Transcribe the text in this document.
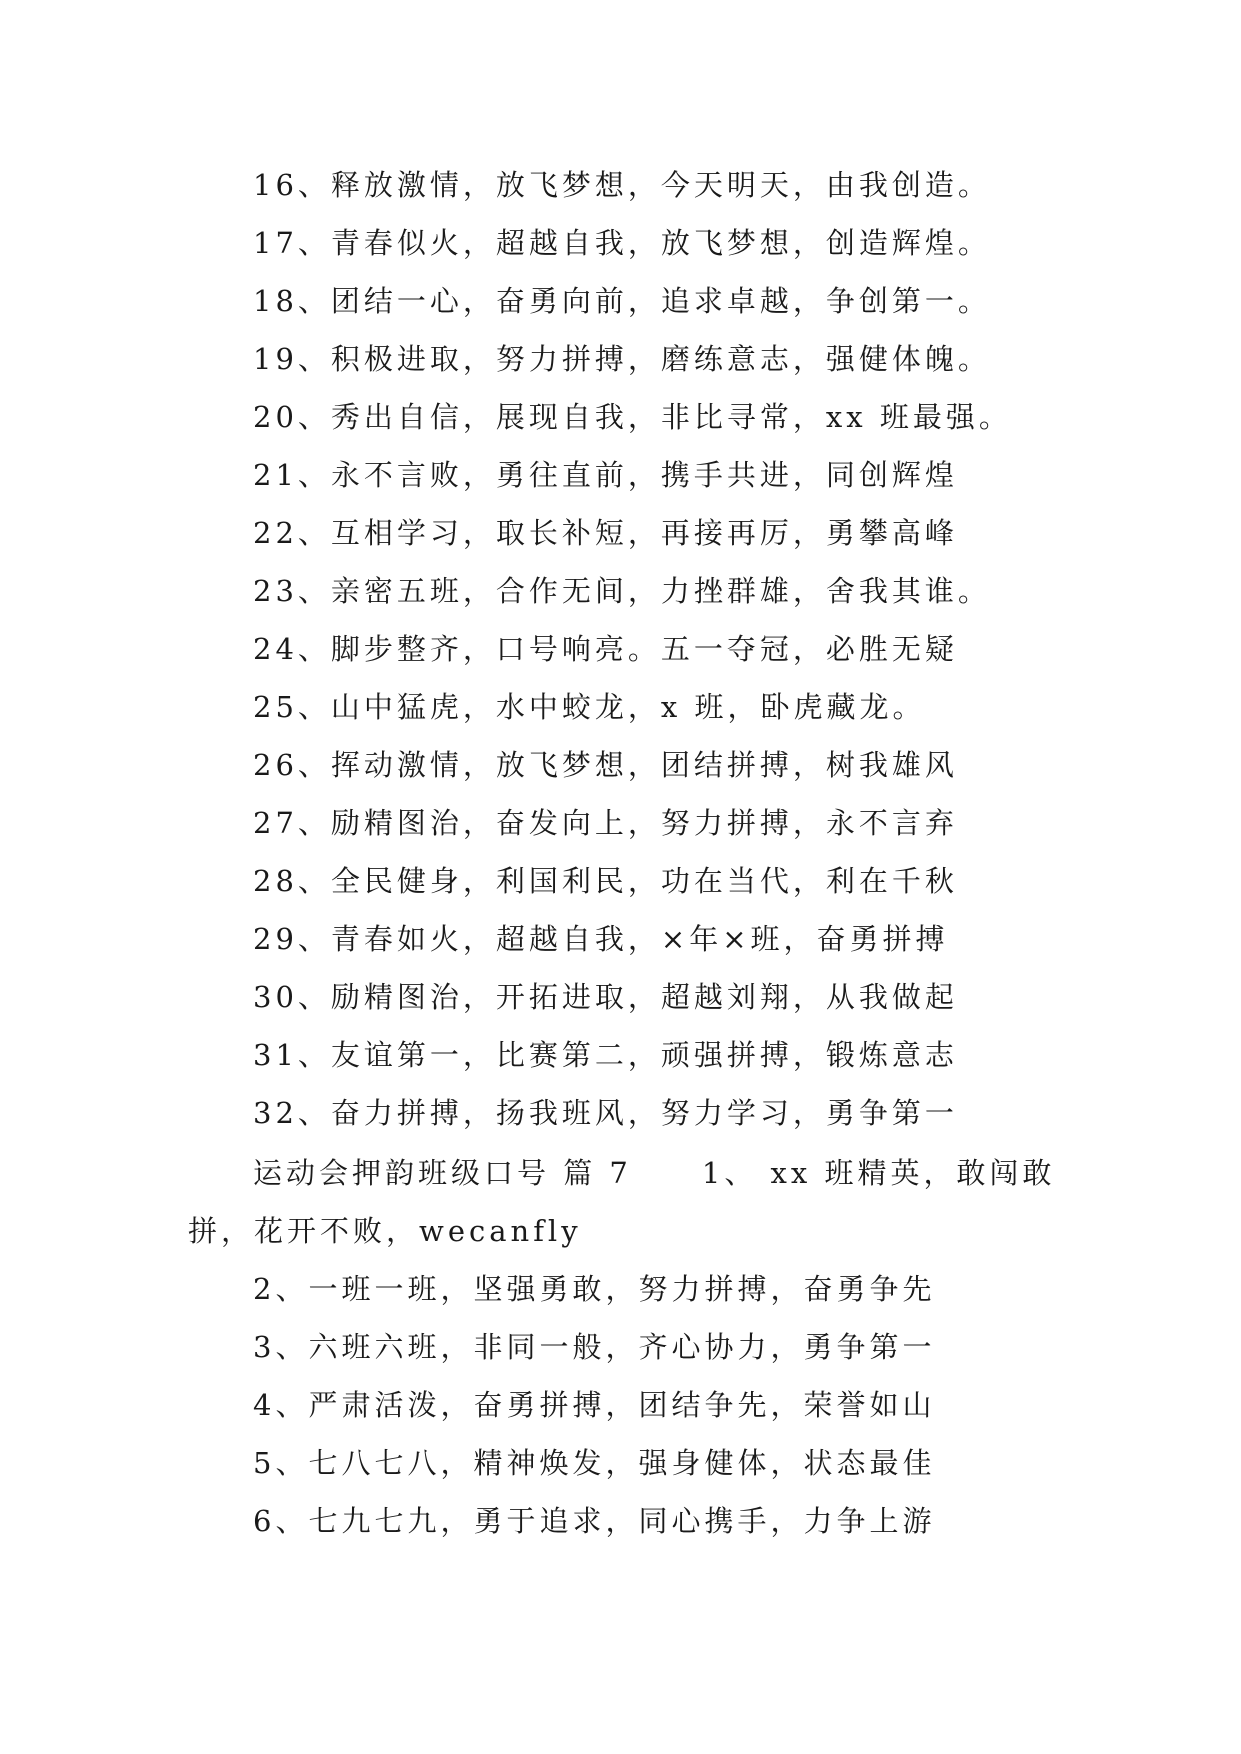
16、释放激情，放飞梦想，今天明天，由我创造。
17、青春似火，超越自我，放飞梦想，创造辉煌。
18、团结一心，奋勇向前，追求卓越，争创第一。
19、积极进取，努力拼搏，磨练意志，强健体魄。
20、秀出自信，展现自我，非比寻常，xx 班最强。
21、永不言败，勇往直前，携手共进，同创辉煌
22、互相学习，取长补短，再接再厉，勇攀高峰
23、亲密五班，合作无间，力挫群雄，舍我其谁。
24、脚步整齐，口号响亮。五一夺冠，必胜无疑
25、山中猛虎，水中蛟龙，x 班，卧虎藏龙。
26、挥动激情，放飞梦想，团结拼搏，树我雄风
27、励精图治，奋发向上，努力拼搏，永不言弃
28、全民健身，利国利民，功在当代，利在千秋
29、青春如火，超越自我，×年×班，奋勇拼搏
30、励精图治，开拓进取，超越刘翔，从我做起
31、友谊第一，比赛第二，顽强拼搏，锻炼意志
32、奋力拼搏，扬我班风，努力学习，勇争第一
运动会押韵班级口号 篇 7 1、 xx 班精英，敢闯敢
拼，花开不败，wecanfly
2、一班一班，坚强勇敢，努力拼搏，奋勇争先
3、六班六班，非同一般，齐心协力，勇争第一
4、严肃活泼，奋勇拼搏，团结争先，荣誉如山
5、七八七八，精神焕发，强身健体，状态最佳
6、七九七九，勇于追求，同心携手，力争上游
